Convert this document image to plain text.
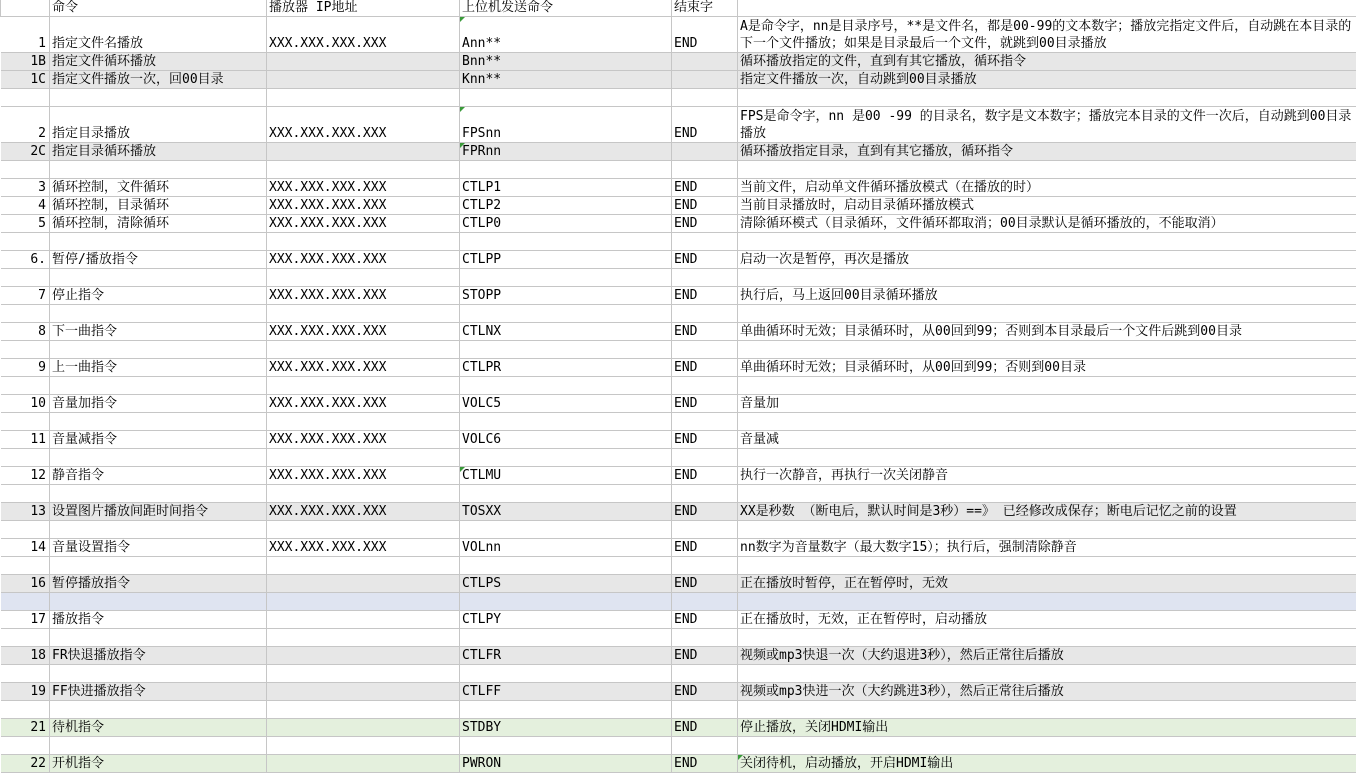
	命令	播放器 IP地址	上位机发送命令	结束字	
1	指定文件名播放	XXX.XXX.XXX.XXX	Ann**	END	A是命令字，nn是目录序号，**是文件名，都是00-99的文本数字；播放完指定文件后，自动跳在本目录的下一个文件播放；如果是目录最后一个文件，就跳到00目录播放
1B	指定文件循环播放		Bnn**		循环播放指定的文件，直到有其它播放，循环指令
1C	指定文件播放一次，回00目录		Knn**		指定文件播放一次，自动跳到00目录播放

2	指定目录播放	XXX.XXX.XXX.XXX	FPSnn	END	FPS是命令字，nn 是00 -99 的目录名，数字是文本数字；播放完本目录的文件一次后，自动跳到00目录播放
2C	指定目录循环播放		FPRnn		循环播放指定目录，直到有其它播放，循环指令

3	循环控制，文件循环	XXX.XXX.XXX.XXX	CTLP1	END	当前文件，启动单文件循环播放模式（在播放的时）
4	循环控制，目录循环	XXX.XXX.XXX.XXX	CTLP2	END	当前目录播放时，启动目录循环播放模式
5	循环控制，清除循环	XXX.XXX.XXX.XXX	CTLP0	END	清除循环模式（目录循环，文件循环都取消；00目录默认是循环播放的，不能取消）

6.	暂停/播放指令	XXX.XXX.XXX.XXX	CTLPP	END	启动一次是暂停，再次是播放

7	停止指令	XXX.XXX.XXX.XXX	STOPP	END	执行后，马上返回00目录循环播放

8	下一曲指令	XXX.XXX.XXX.XXX	CTLNX	END	单曲循环时无效；目录循环时，从00回到99；否则到本目录最后一个文件后跳到00目录

9	上一曲指令	XXX.XXX.XXX.XXX	CTLPR	END	单曲循环时无效；目录循环时，从00回到99；否则到00目录

10	音量加指令	XXX.XXX.XXX.XXX	VOLC5	END	音量加

11	音量减指令	XXX.XXX.XXX.XXX	VOLC6	END	音量减

12	静音指令	XXX.XXX.XXX.XXX	CTLMU	END	执行一次静音，再执行一次关闭静音

13	设置图片播放间距时间指令	XXX.XXX.XXX.XXX	TOSXX	END	XX是秒数 （断电后，默认时间是3秒）==》 已经修改成保存；断电后记忆之前的设置

14	音量设置指令	XXX.XXX.XXX.XXX	VOLnn	END	nn数字为音量数字（最大数字15）；执行后，强制清除静音

16	暂停播放指令		CTLPS	END	正在播放时暂停，正在暂停时，无效

17	播放指令		CTLPY	END	正在播放时，无效，正在暂停时，启动播放

18	FR快退播放指令		CTLFR	END	视频或mp3快退一次（大约退进3秒），然后正常往后播放

19	FF快进播放指令		CTLFF	END	视频或mp3快进一次（大约跳进3秒），然后正常往后播放

21	待机指令		STDBY	END	停止播放，关闭HDMI输出

22	开机指令		PWRON	END	关闭待机，启动播放，开启HDMI输出
